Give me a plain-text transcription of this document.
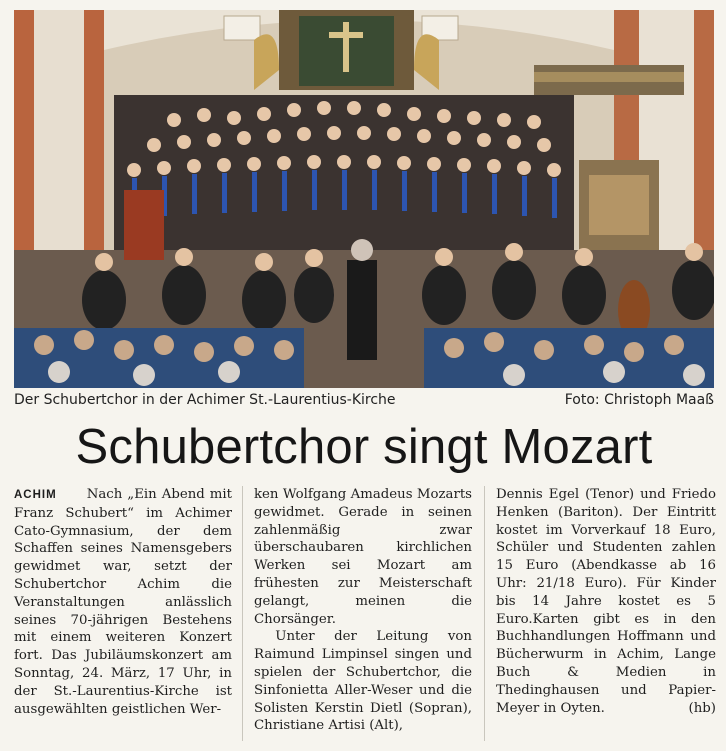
Der Schubertchor in der Achimer St.-Laurentius-Kirche	Foto: Christoph Maaß
Schubertchor singt Mozart

ACHIM Nach „Ein Abend mit Franz Schubert“ im Achimer Cato-Gymnasium, der dem Schaffen seines Namensgebers gewidmet war, setzt der Schubertchor Achim die Veranstaltungen anlässlich seines 70-jährigen Bestehens mit einem weiteren Konzert fort. Das Jubiläumskonzert am Sonntag, 24. März, 17 Uhr, in der St.-Laurentius-Kirche ist ausgewählten geistlichen Wer-

ken Wolfgang Amadeus Mozarts gewidmet. Gerade in seinen zahlenmäßig zwar überschaubaren kirchlichen Werken sei Mozart am frühesten zur Meisterschaft gelangt, meinen die Chorsänger.

Unter der Leitung von Raimund Limpinsel singen und spielen der Schubertchor, die Sinfonietta Aller-Weser und die Solisten Kerstin Dietl (Sopran), Christiane Artisi (Alt),

Dennis Egel (Tenor) und Friedo Henken (Bariton). Der Eintritt kostet im Vorverkauf 18 Euro, Schüler und Studenten zahlen 15 Euro (Abendkasse ab 16 Uhr: 21/18 Euro). Für Kinder bis 14 Jahre kostet es 5 Euro.Karten gibt es in den Buchhandlungen Hoffmann und Bücherwurm in Achim, Lange Buch & Medien in Thedinghausen und Papier-Meyer in Oyten.	(hb)
